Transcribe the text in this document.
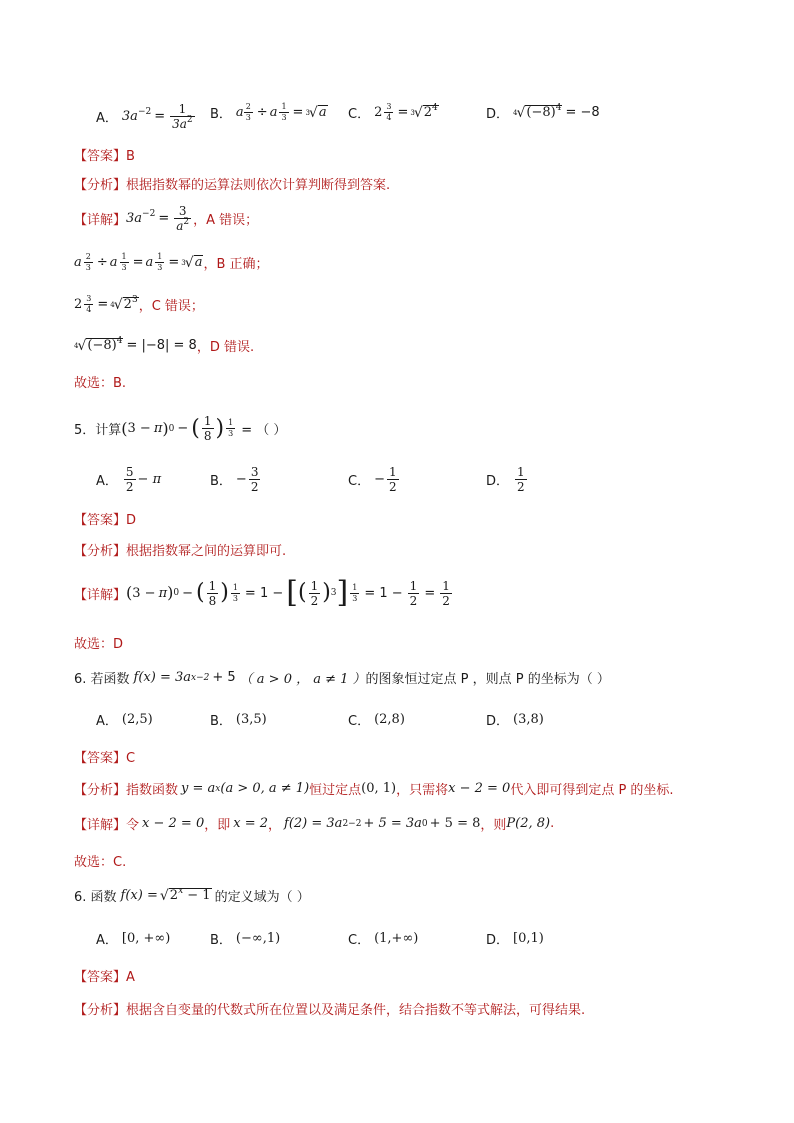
A． $3a^{-2} = \frac{1}{3a^2}$ B． a $\frac{2}{3} \div a \frac{1}{3} = 3$ √ a C． $2 \frac{3}{4} = 3$ √ $2^4$	D． 4 √ $(-8)^4 = -8$
【答案】B
【分析】根据指数幂的运算法则依次计算判断得到答案.
【详解】 $3a^{-2} = \frac{3}{a^2}$ ，A 错误；
a $\frac{2}{3} \div a \frac{1}{3} = a \frac{1}{3} = 3$ √ a ，B 正确；
$2 \frac{3}{4} = 4$ √ $2^3$ ，C 错误；
4 √ $(-8)^4 = |-8| = 8$ ，D 错误.
故选：B.
5．计算 ( 3 − π ) 0 − ( $\frac{1}{8}$ ) $\frac{1}{3}$ = （ ）
A． $\frac{5}{2} - \pi$	B． − $\frac{3}{2}$	C． − $\frac{1}{2}$	D． $\frac{1}{2}$
【答案】D
【分析】根据指数幂之间的运算即可.
【详解】 ( 3 − π ) 0 − ( $\frac{1}{8}$ ) $\frac{1}{3} = 1$ − [ ( $\frac{1}{2}$ ) 3 ] $\frac{1}{3} = 1 - \frac{1}{2} = \frac{1}{2}$
故选：D
6. 若函数 f(x) = 3a x−2 + 5 （ a > 0 ， a ≠ 1 ） 的图象恒过定点 P ，则点 P 的坐标为（ ）
A． (2,5)	B． (3,5)	C． (2,8)	D． (3,8)
【答案】C
【分析】 指数函数 y = a x (a > 0, a ≠ 1) 恒过定点 (0, 1) ，只需将 x − 2 = 0 代入即可得到定点 P 的坐标.
【详解】 令 x − 2 = 0 ，即 x = 2 ， f(2) = 3a 2−2 + 5 = 3a 0 + 5 = 8 ，则 P(2, 8) .
故选：C.
6. 函数 f(x) = √ $2^x - 1$ 的定义域为（ ）
A． [0, +∞)	B． (−∞,1)	C． (1,+∞)	D． [0,1)
【答案】A
【分析】根据含自变量的代数式所在位置以及满足条件，结合指数不等式解法，可得结果.
